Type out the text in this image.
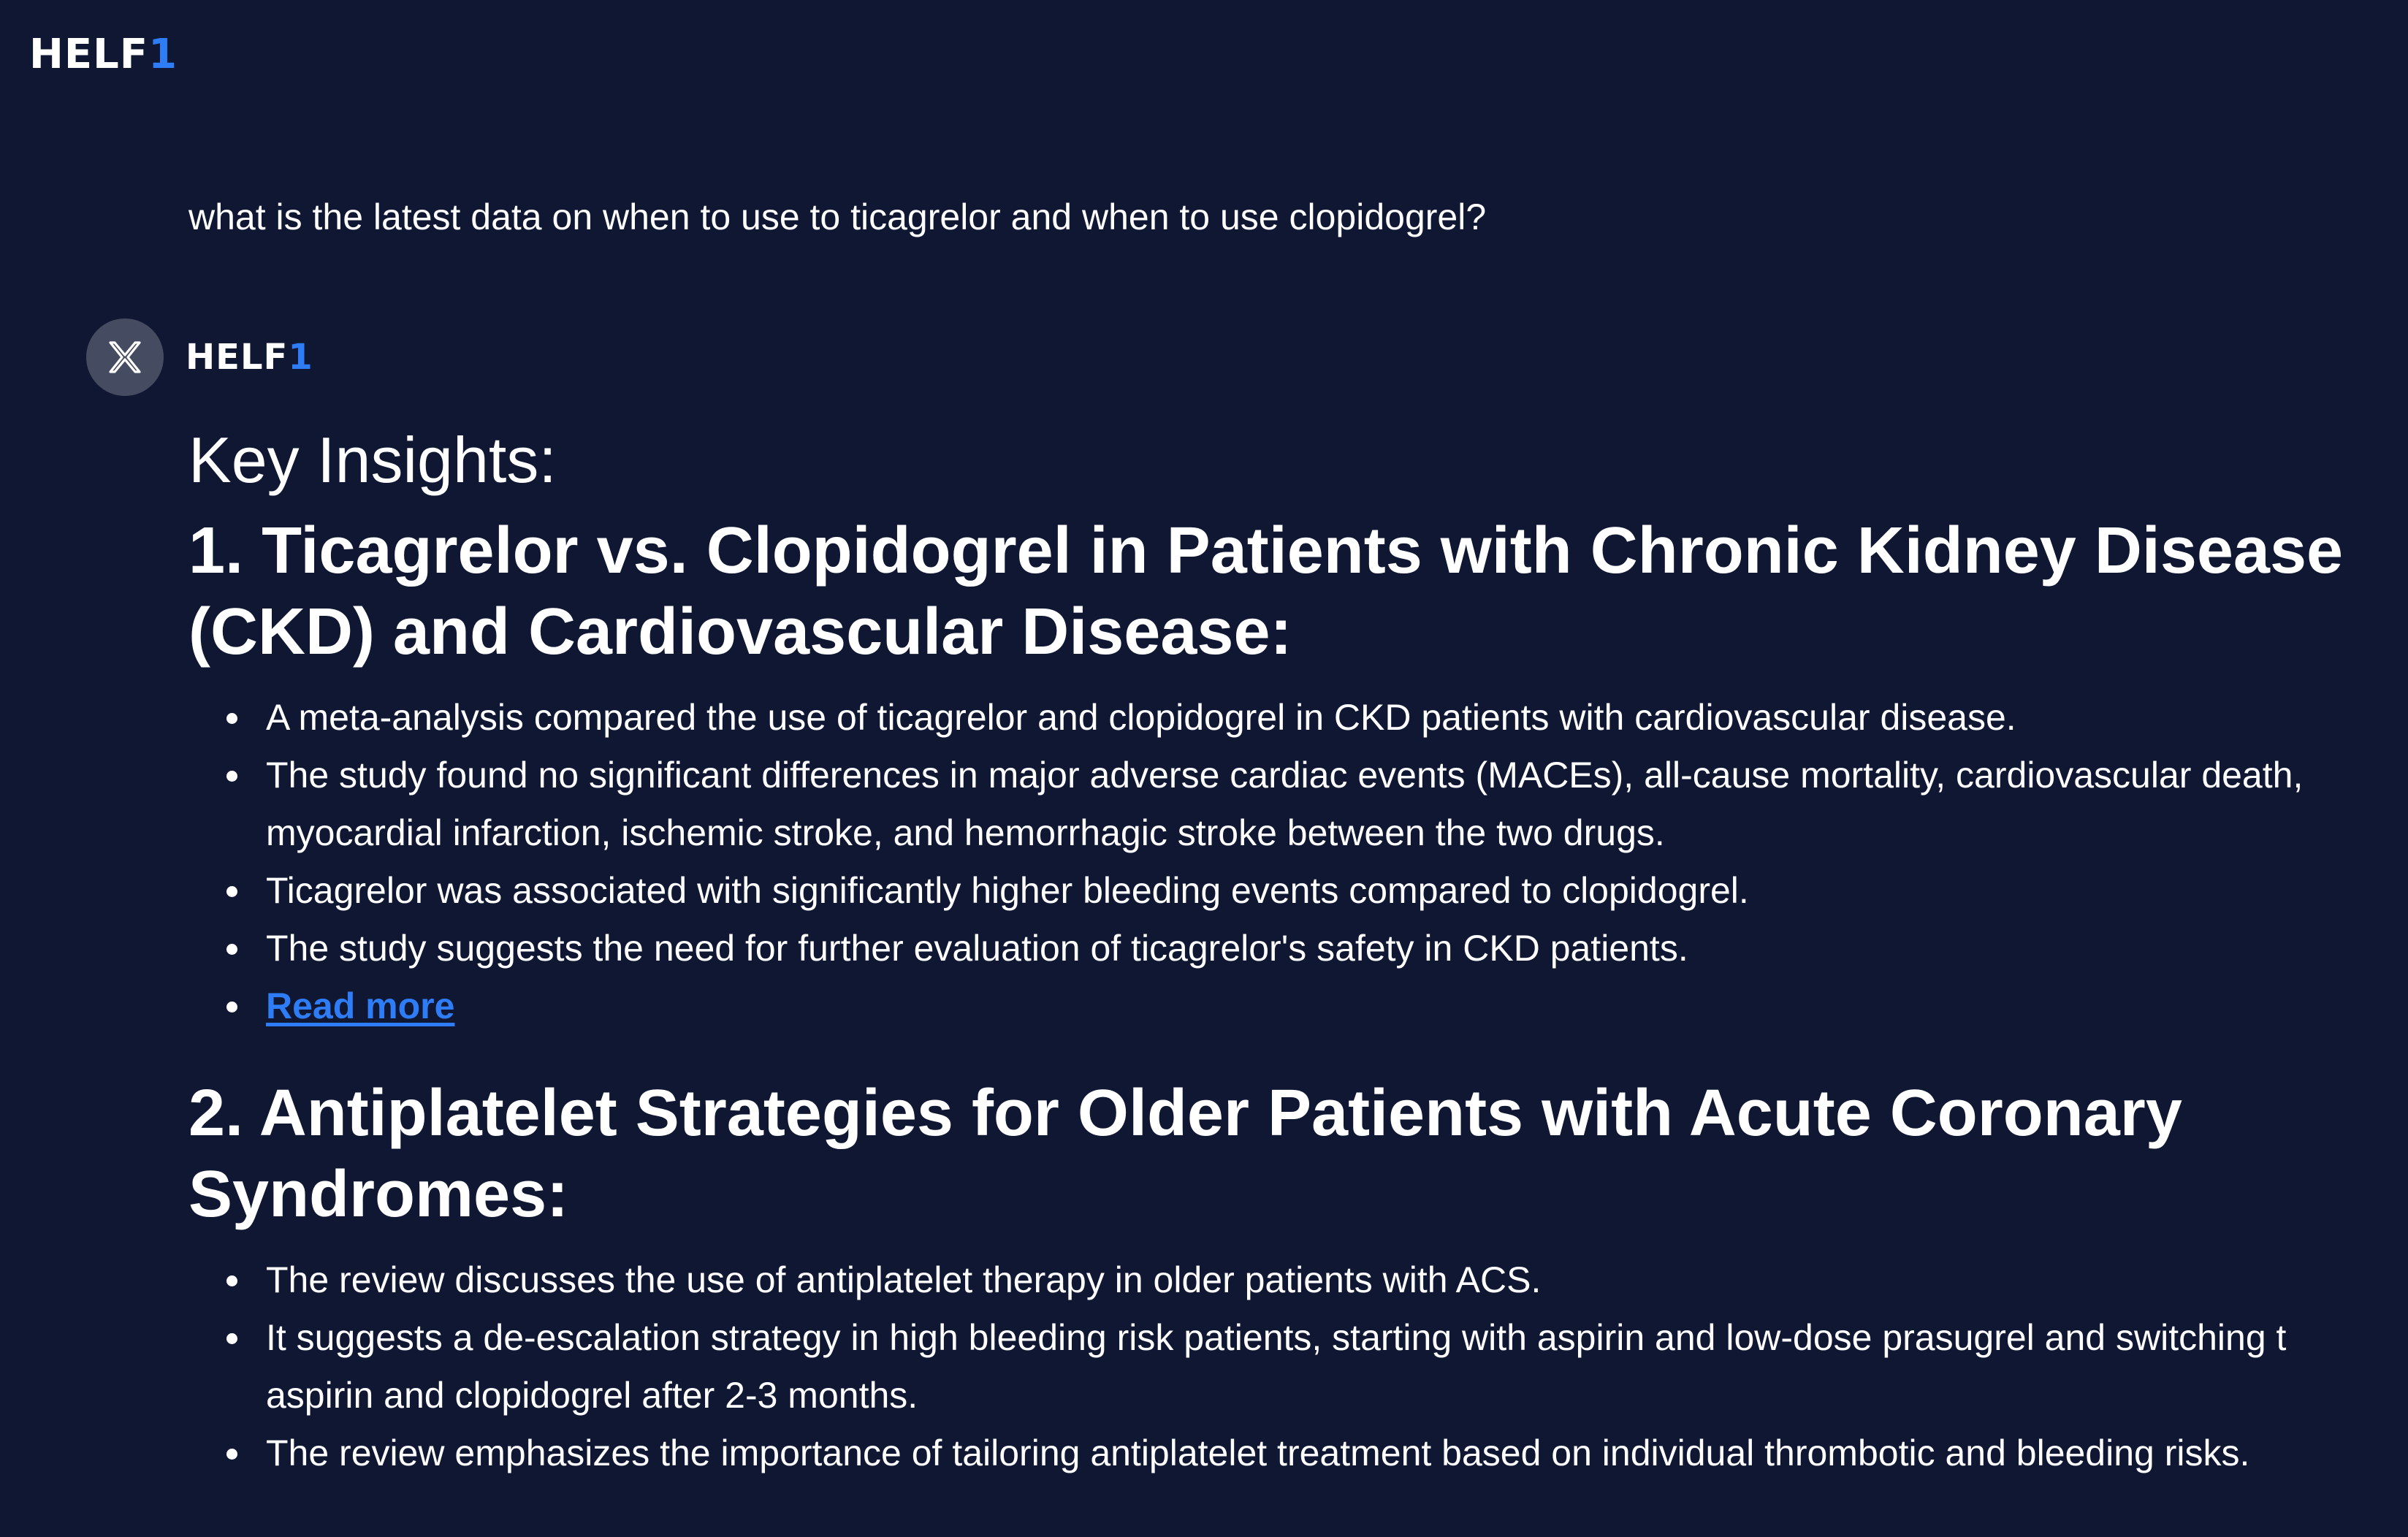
HELF1
what is the latest data on when to use to ticagrelor and when to use clopidogrel?
HELF1
Key Insights:
1. Ticagrelor vs. Clopidogrel in Patients with Chronic Kidney Disease
(CKD) and Cardiovascular Disease:
A meta-analysis compared the use of ticagrelor and clopidogrel in CKD patients with cardiovascular disease.
The study found no significant differences in major adverse cardiac events (MACEs), all-cause mortality, cardiovascular death,
myocardial infarction, ischemic stroke, and hemorrhagic stroke between the two drugs.
Ticagrelor was associated with significantly higher bleeding events compared to clopidogrel.
The study suggests the need for further evaluation of ticagrelor's safety in CKD patients.
Read more
2. Antiplatelet Strategies for Older Patients with Acute Coronary
Syndromes:
The review discusses the use of antiplatelet therapy in older patients with ACS.
It suggests a de-escalation strategy in high bleeding risk patients, starting with aspirin and low-dose prasugrel and switching t
aspirin and clopidogrel after 2-3 months.
The review emphasizes the importance of tailoring antiplatelet treatment based on individual thrombotic and bleeding risks.
